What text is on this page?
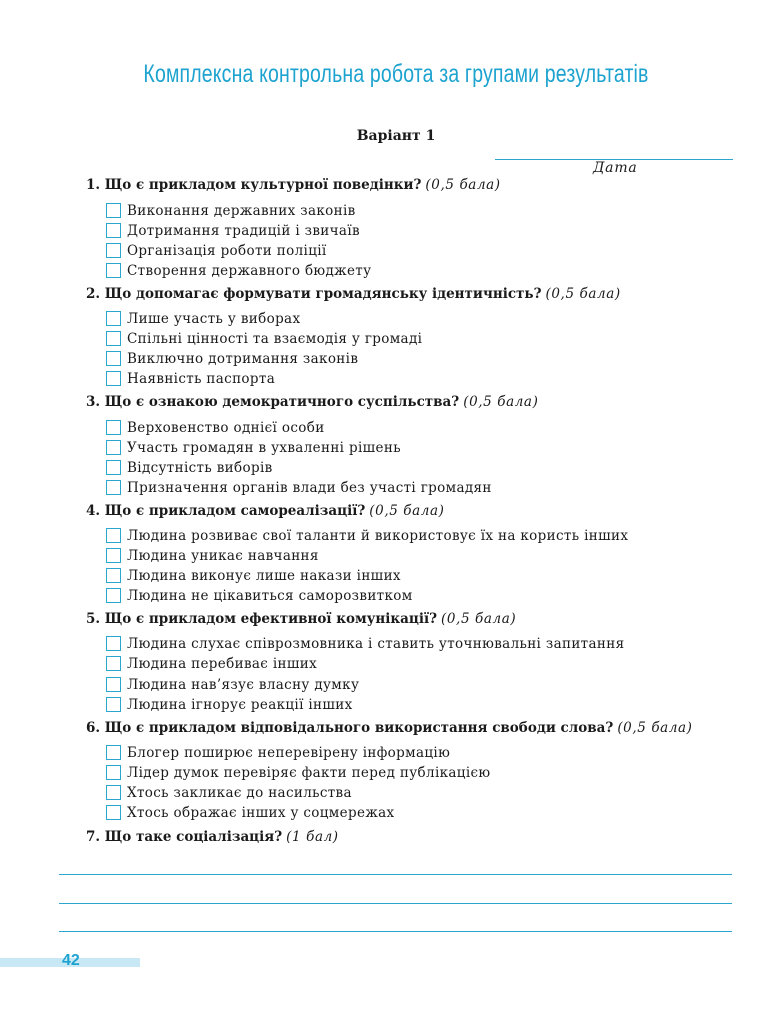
Комплексна контрольна робота за групами результатів
Варіант 1
Дата
1. Що є прикладом культурної поведінки? (0,5 бала)
Виконання державних законів
Дотримання традицій і звичаїв
Організація роботи поліції
Створення державного бюджету
2. Що допомагає формувати громадянську ідентичність? (0,5 бала)
Лише участь у виборах
Спільні цінності та взаємодія у громаді
Виключно дотримання законів
Наявність паспорта
3. Що є ознакою демократичного суспільства? (0,5 бала)
Верховенство однієї особи
Участь громадян в ухваленні рішень
Відсутність виборів
Призначення органів влади без участі громадян
4. Що є прикладом самореалізації? (0,5 бала)
Людина розвиває свої таланти й використовує їх на користь інших
Людина уникає навчання
Людина виконує лише накази інших
Людина не цікавиться саморозвитком
5. Що є прикладом ефективної комунікації? (0,5 бала)
Людина слухає співрозмовника і ставить уточнювальні запитання
Людина перебиває інших
Людина нав’язує власну думку
Людина ігнорує реакції інших
6. Що є прикладом відповідального використання свободи слова? (0,5 бала)
Блогер поширює неперевірену інформацію
Лідер думок перевіряє факти перед публікацією
Хтось закликає до насильства
Хтось ображає інших у соцмережах
7. Що таке соціалізація? (1 бал)
42
